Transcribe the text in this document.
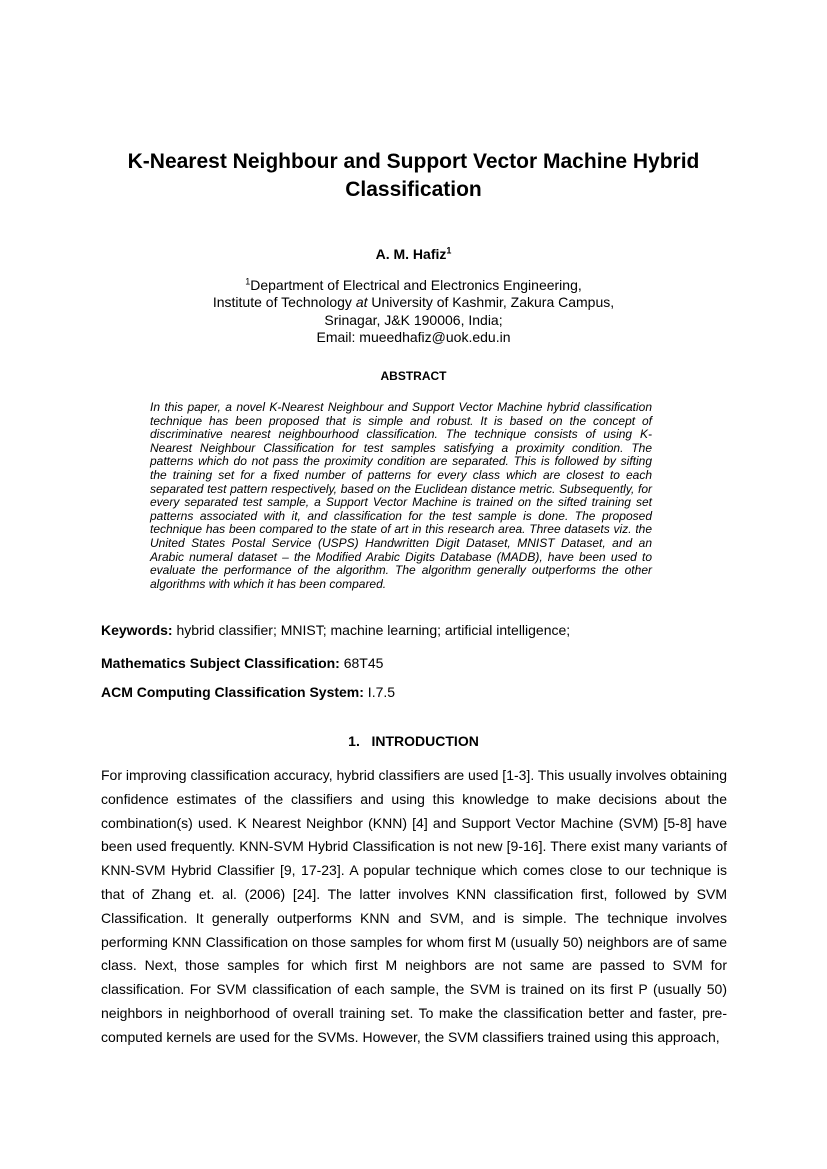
K-Nearest Neighbour and Support Vector Machine Hybrid Classification
A. M. Hafiz$^1$
$^1$Department of Electrical and Electronics Engineering,
Institute of Technology at University of Kashmir, Zakura Campus,
Srinagar, J&K 190006, India;
Email: mueedhafiz@uok.edu.in
ABSTRACT
In this paper, a novel K-Nearest Neighbour and Support Vector Machine hybrid classification technique has been proposed that is simple and robust. It is based on the concept of discriminative nearest neighbourhood classification. The technique consists of using K-Nearest Neighbour Classification for test samples satisfying a proximity condition. The patterns which do not pass the proximity condition are separated. This is followed by sifting the training set for a fixed number of patterns for every class which are closest to each separated test pattern respectively, based on the Euclidean distance metric. Subsequently, for every separated test sample, a Support Vector Machine is trained on the sifted training set patterns associated with it, and classification for the test sample is done. The proposed technique has been compared to the state of art in this research area. Three datasets viz. the United States Postal Service (USPS) Handwritten Digit Dataset, MNIST Dataset, and an Arabic numeral dataset – the Modified Arabic Digits Database (MADB), have been used to evaluate the performance of the algorithm. The algorithm generally outperforms the other algorithms with which it has been compared.
Keywords: hybrid classifier; MNIST; machine learning; artificial intelligence;
Mathematics Subject Classification: 68T45
ACM Computing Classification System: I.7.5
1.   INTRODUCTION
For improving classification accuracy, hybrid classifiers are used [1-3]. This usually involves obtaining confidence estimates of the classifiers and using this knowledge to make decisions about the combination(s) used. K Nearest Neighbor (KNN) [4] and Support Vector Machine (SVM) [5-8] have been used frequently. KNN-SVM Hybrid Classification is not new [9-16]. There exist many variants of KNN-SVM Hybrid Classifier [9, 17-23]. A popular technique which comes close to our technique is that of Zhang et. al. (2006) [24]. The latter involves KNN classification first, followed by SVM Classification. It generally outperforms KNN and SVM, and is simple. The technique involves performing KNN Classification on those samples for whom first M (usually 50) neighbors are of same class. Next, those samples for which first M neighbors are not same are passed to SVM for classification. For SVM classification of each sample, the SVM is trained on its first P (usually 50) neighbors in neighborhood of overall training set. To make the classification better and faster, pre-computed kernels are used for the SVMs. However, the SVM classifiers trained using this approach,
